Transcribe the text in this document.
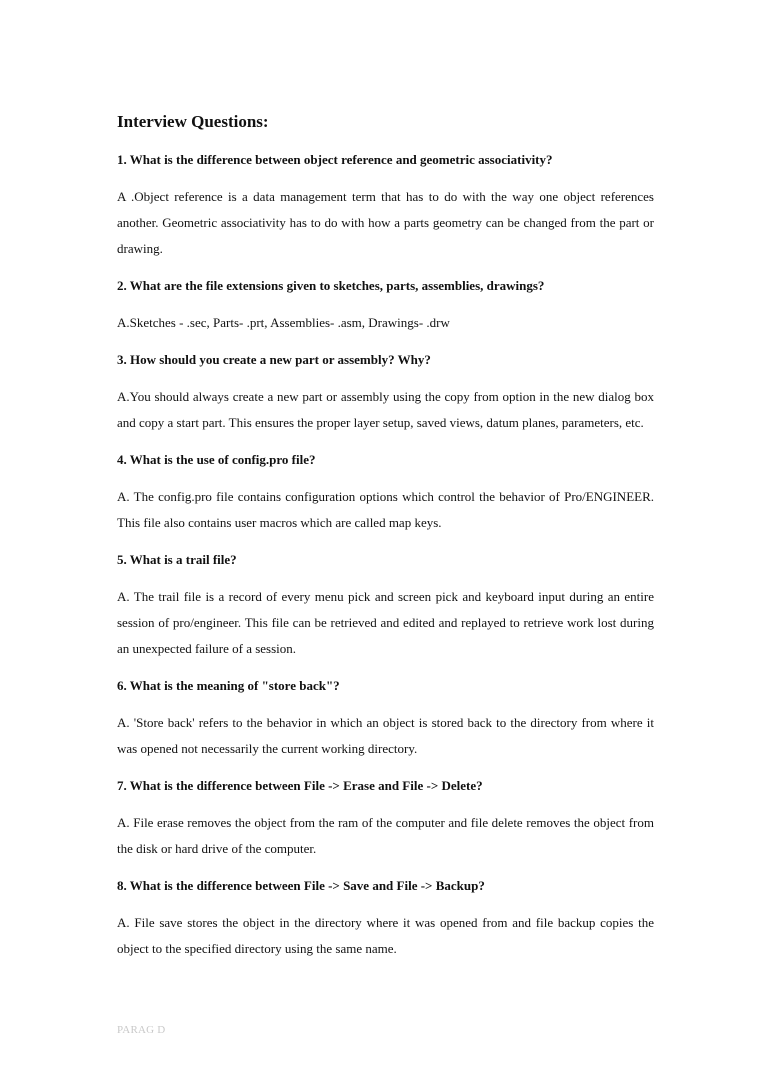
Interview Questions:

1. What is the difference between object reference and geometric associativity?

A .Object reference is a data management term that has to do with the way one object references another. Geometric associativity has to do with how a parts geometry can be changed from the part or drawing.

2. What are the file extensions given to sketches, parts, assemblies, drawings?

A.Sketches - .sec, Parts- .prt, Assemblies- .asm, Drawings- .drw

3. How should you create a new part or assembly? Why?

A.You should always create a new part or assembly using the copy from option in the new dialog box and copy a start part. This ensures the proper layer setup, saved views, datum planes, parameters, etc.

4. What is the use of config.pro file?

A. The config.pro file contains configuration options which control the behavior of Pro/ENGINEER. This file also contains user macros which are called map keys.

5. What is a trail file?

A. The trail file is a record of every menu pick and screen pick and keyboard input during an entire session of pro/engineer. This file can be retrieved and edited and replayed to retrieve work lost during an unexpected failure of a session.

6. What is the meaning of "store back"?

A. 'Store back' refers to the behavior in which an object is stored back to the directory from where it was opened not necessarily the current working directory.

7. What is the difference between File -> Erase and File -> Delete?

A. File erase removes the object from the ram of the computer and file delete removes the object from the disk or hard drive of the computer.

8. What is the difference between File -> Save and File -> Backup?

A. File save stores the object in the directory where it was opened from and file backup copies the object to the specified directory using the same name.

PARAG D
